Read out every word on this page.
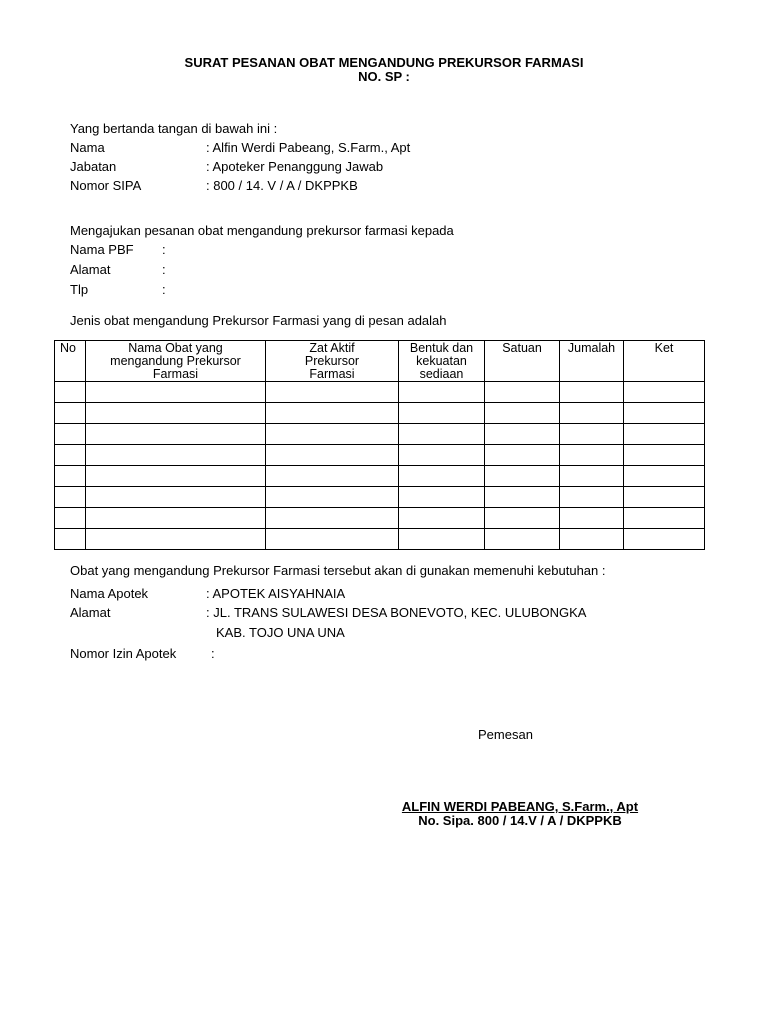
SURAT PESANAN OBAT MENGANDUNG PREKURSOR FARMASI
NO. SP :
Yang bertanda tangan di bawah ini :
Nama	: Alfin Werdi Pabeang, S.Farm., Apt
Jabatan	: Apoteker Penanggung Jawab
Nomor SIPA	: 800 / 14. V / A / DKPPKB
Mengajukan pesanan obat mengandung prekursor farmasi kepada
Nama PBF :
Alamat	:
Tlp	:
Jenis obat mengandung Prekursor Farmasi yang di pesan adalah
No	Nama Obat yang mengandung Prekursor Farmasi	Zat Aktif Prekursor Farmasi	Bentuk dan kekuatan sediaan	Satuan	Jumalah	Ket

Obat yang mengandung Prekursor Farmasi tersebut akan di gunakan memenuhi kebutuhan :
Nama Apotek	: APOTEK AISYAHNAIA
Alamat	: JL. TRANS SULAWESI DESA BONEVOTO, KEC. ULUBONGKA
KAB. TOJO UNA UNA
Nomor Izin Apotek	:
Pemesan
ALFIN WERDI PABEANG, S.Farm., Apt
No. Sipa. 800 / 14.V / A / DKPPKB
